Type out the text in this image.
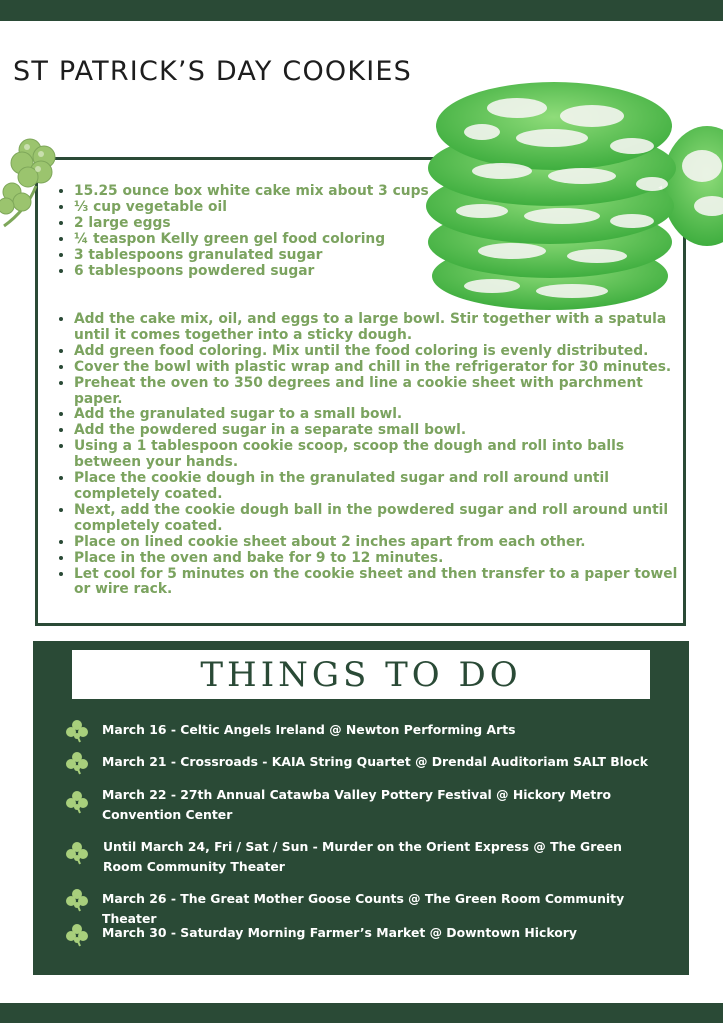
ST PATRICK’S DAY COOKIES
• 15.25 ounce box white cake mix about 3 cups
• ⅓ cup vegetable oil
• 2 large eggs
• ¼ teaspon Kelly green gel food coloring
• 3 tablespoons granulated sugar
• 6 tablespoons powdered sugar
• Add the cake mix, oil, and eggs to a large bowl. Stir together with a spatula until it comes together into a sticky dough.
• Add green food coloring. Mix until the food coloring is evenly distributed.
• Cover the bowl with plastic wrap and chill in the refrigerator for 30 minutes.
• Preheat the oven to 350 degrees and line a cookie sheet with parchment paper.
• Add the granulated sugar to a small bowl.
• Add the powdered sugar in a separate small bowl.
• Using a 1 tablespoon cookie scoop, scoop the dough and roll into balls between your hands.
• Place the cookie dough in the granulated sugar and roll around until completely coated.
• Next, add the cookie dough ball in the powdered sugar and roll around until completely coated.
• Place on lined cookie sheet about 2 inches apart from each other.
• Place in the oven and bake for 9 to 12 minutes.
• Let cool for 5 minutes on the cookie sheet and then transfer to a paper towel or wire rack.
THINGS TO DO
March 16 - Celtic Angels Ireland @ Newton Performing Arts
March 21 - Crossroads - KAIA String Quartet @ Drendal Auditoriam SALT Block
March 22 - 27th Annual Catawba Valley Pottery Festival @ Hickory Metro Convention Center
Until March 24, Fri / Sat / Sun - Murder on the Orient Express @ The Green Room Community Theater
March 26 - The Great Mother Goose Counts @ The Green Room Community Theater
March 30 - Saturday Morning Farmer’s Market @ Downtown Hickory
